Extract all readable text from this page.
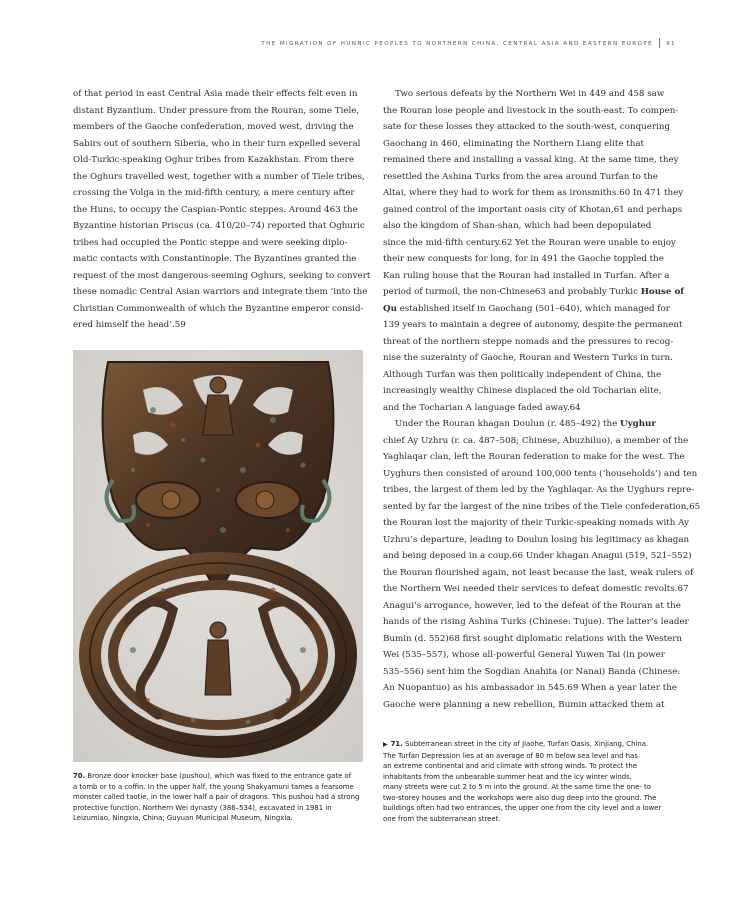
THE MIGRATION OF HUNNIC PEOPLES TO NORTHERN CHINA, CENTRAL ASIA AND EASTERN EUROPE 91
of that period in east Central Asia made their effects felt even in
distant Byzantium. Under pressure from the Rouran, some Tiele,
members of the Gaoche confederation, moved west, driving the
Sabirs out of southern Siberia, who in their turn expelled several
Old-Turkic-speaking Oghur tribes from Kazakhstan. From there
the Oghurs travelled west, together with a number of Tiele tribes,
crossing the Volga in the mid-fifth century, a mere century after
the Huns, to occupy the Caspian-Pontic steppes. Around 463 the
Byzantine historian Priscus (ca. 410/20–74) reported that Oghuric
tribes had occupied the Pontic steppe and were seeking diplo-
matic contacts with Constantinople. The Byzantines granted the
request of the most dangerous-seeming Oghurs, seeking to convert
these nomadic Central Asian warriors and integrate them ‘into the
Christian Commonwealth of which the Byzantine emperor consid-
ered himself the head’.59
70. Bronze door knocker base (pushou), which was fixed to the entrance gate of
a tomb or to a coffin. In the upper half, the young Shakyamuni tames a fearsome
monster called taotie, in the lower half a pair of dragons. This pushou had a strong
protective function. Northern Wei dynasty (386–534), excavated in 1981 in
Leizumiao, Ningxia, China; Guyuan Municipal Museum, Ningxia.
Two serious defeats by the Northern Wei in 449 and 458 saw
the Rouran lose people and livestock in the south-east. To compen-
sate for these losses they attacked to the south-west, conquering
Gaochang in 460, eliminating the Northern Liang elite that
remained there and installing a vassal king. At the same time, they
resettled the Ashina Turks from the area around Turfan to the
Altai, where they had to work for them as ironsmiths.60 In 471 they
gained control of the important oasis city of Khotan,61 and perhaps
also the kingdom of Shan-shan, which had been depopulated
since the mid-fifth century.62 Yet the Rouran were unable to enjoy
their new conquests for long, for in 491 the Gaoche toppled the
Kan ruling house that the Rouran had installed in Turfan. After a
period of turmoil, the non-Chinese63 and probably Turkic House of
Qu established itself in Gaochang (501–640), which managed for
139 years to maintain a degree of autonomy, despite the permanent
threat of the northern steppe nomads and the pressures to recog-
nise the suzerainty of Gaoche, Rouran and Western Turks in turn.
Although Turfan was then politically independent of China, the
increasingly wealthy Chinese displaced the old Tocharian elite,
and the Tocharian A language faded away.64
Under the Rouran khagan Doulun (r. 485–492) the Uyghur
chief Ay Uzhru (r. ca. 487–508; Chinese, Abuzhiluo), a member of the
Yaghlaqar clan, left the Rouran federation to make for the west. The
Uyghurs then consisted of around 100,000 tents (‘households’) and ten
tribes, the largest of them led by the Yaghlaqar. As the Uyghurs repre-
sented by far the largest of the nine tribes of the Tiele confederation,65
the Rouran lost the majority of their Turkic-speaking nomads with Ay
Uzhru’s departure, leading to Doulun losing his legitimacy as khagan
and being deposed in a coup.66 Under khagan Anagui (519, 521–552)
the Rouran flourished again, not least because the last, weak rulers of
the Northern Wei needed their services to defeat domestic revolts.67
Anagui’s arrogance, however, led to the defeat of the Rouran at the
hands of the rising Ashina Turks (Chinese: Tujue). The latter’s leader
Bumin (d. 552)68 first sought diplomatic relations with the Western
Wei (535–557), whose all-powerful General Yuwen Tai (in power
535–556) sent him the Sogdian Anahita (or Nanai) Banda (Chinese:
An Nuopantuo) as his ambassador in 545.69 When a year later the
Gaoche were planning a new rebellion, Bumin attacked them at
▶ 71. Subterranean street in the city of Jiaohe, Turfan Oasis, Xinjiang, China.
The Turfan Depression lies at an average of 80 m below sea level and has
an extreme continental and arid climate with strong winds. To protect the
inhabitants from the unbearable summer heat and the icy winter winds,
many streets were cut 2 to 5 m into the ground. At the same time the one- to
two-storey houses and the workshops were also dug deep into the ground. The
buildings often had two entrances, the upper one from the city level and a lower
one from the subterranean street.
